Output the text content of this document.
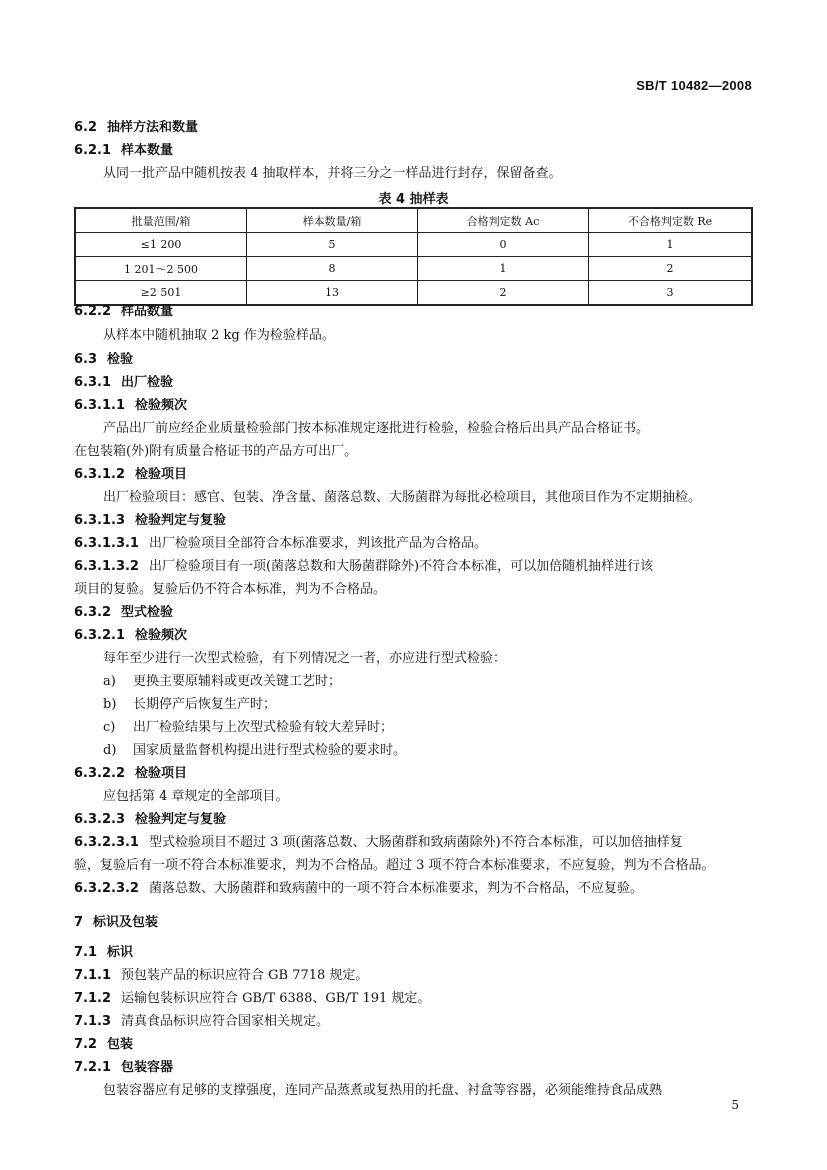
SB/T 10482—2008
6.2 抽样方法和数量
6.2.1 样本数量
从同一批产品中随机按表 4 抽取样本，并将三分之一样品进行封存，保留备查。
表 4 抽样表
批量范围/箱	样本数量/箱	合格判定数 Ac	不合格判定数 Re
≤1 200	5	0	1
1 201～2 500	8	1	2
≥2 501	13	2	3
6.2.2 样品数量
从样本中随机抽取 2 kg 作为检验样品。
6.3 检验
6.3.1 出厂检验
6.3.1.1 检验频次
产品出厂前应经企业质量检验部门按本标准规定逐批进行检验，检验合格后出具产品合格证书。
在包装箱(外)附有质量合格证书的产品方可出厂。
6.3.1.2 检验项目
出厂检验项目：感官、包装、净含量、菌落总数、大肠菌群为每批必检项目，其他项目作为不定期抽检。
6.3.1.3 检验判定与复验
6.3.1.3.1 出厂检验项目全部符合本标准要求，判该批产品为合格品。
6.3.1.3.2 出厂检验项目有一项(菌落总数和大肠菌群除外)不符合本标准，可以加倍随机抽样进行该
项目的复验。复验后仍不符合本标准，判为不合格品。
6.3.2 型式检验
6.3.2.1 检验频次
每年至少进行一次型式检验，有下列情况之一者，亦应进行型式检验：
a) 更换主要原辅料或更改关键工艺时；
b) 长期停产后恢复生产时；
c) 出厂检验结果与上次型式检验有较大差异时；
d) 国家质量监督机构提出进行型式检验的要求时。
6.3.2.2 检验项目
应包括第 4 章规定的全部项目。
6.3.2.3 检验判定与复验
6.3.2.3.1 型式检验项目不超过 3 项(菌落总数、大肠菌群和致病菌除外)不符合本标准，可以加倍抽样复
验，复验后有一项不符合本标准要求，判为不合格品。超过 3 项不符合本标准要求，不应复验，判为不合格品。
6.3.2.3.2 菌落总数、大肠菌群和致病菌中的一项不符合本标准要求，判为不合格品，不应复验。
7 标识及包装
7.1 标识
7.1.1 预包装产品的标识应符合 GB 7718 规定。
7.1.2 运输包装标识应符合 GB/T 6388、GB/T 191 规定。
7.1.3 清真食品标识应符合国家相关规定。
7.2 包装
7.2.1 包装容器
包装容器应有足够的支撑强度，连同产品蒸煮或复热用的托盘、衬盒等容器，必须能维持食品成熟
5
